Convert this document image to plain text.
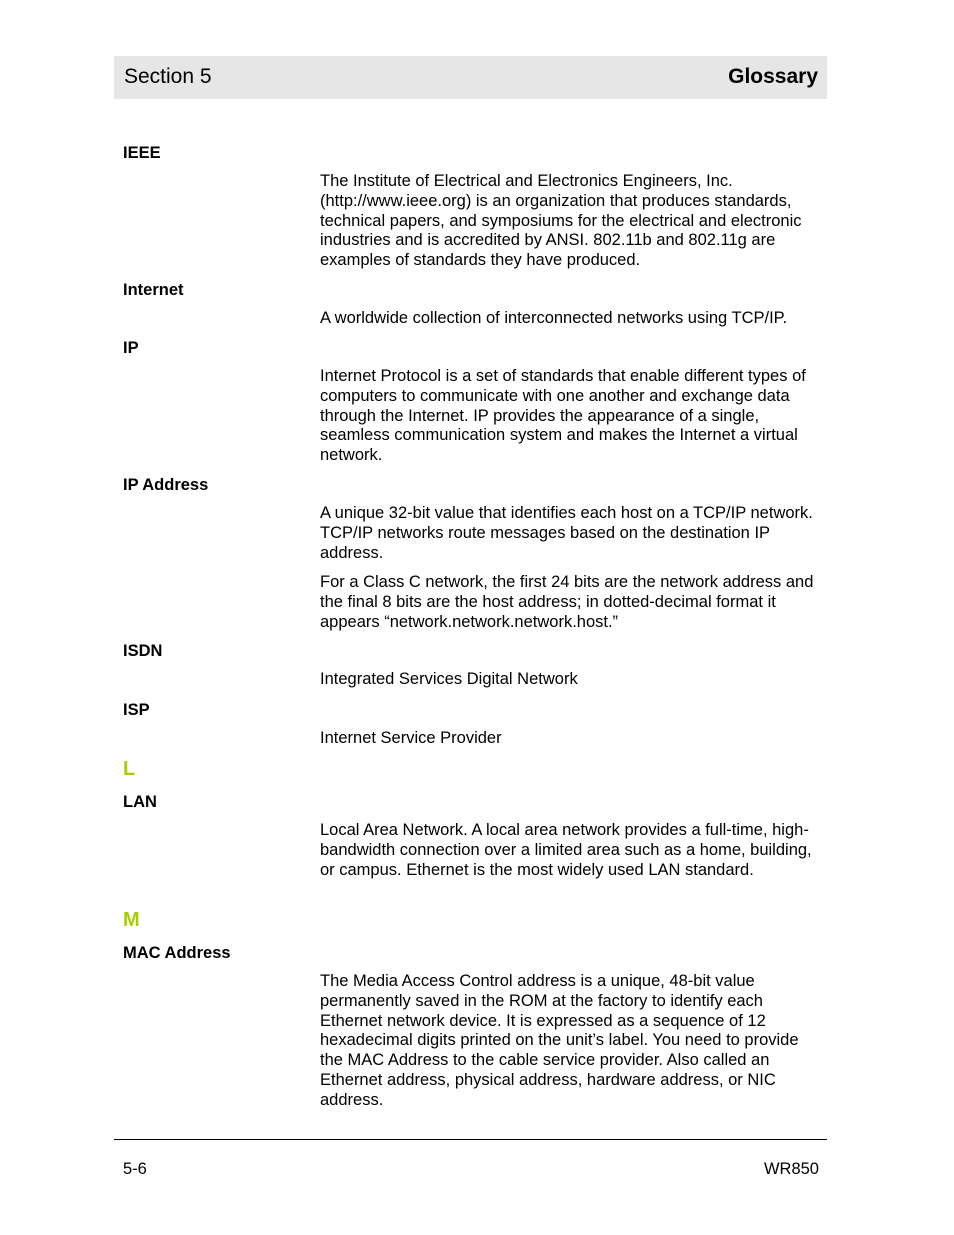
Section 5	Glossary
IEEE
The Institute of Electrical and Electronics Engineers, Inc. (http://www.ieee.org) is an organization that produces standards, technical papers, and symposiums for the electrical and electronic industries and is accredited by ANSI. 802.11b and 802.11g are examples of standards they have produced.
Internet
A worldwide collection of interconnected networks using TCP/IP.
IP
Internet Protocol is a set of standards that enable different types of computers to communicate with one another and exchange data through the Internet. IP provides the appearance of a single, seamless communication system and makes the Internet a virtual network.
IP Address
A unique 32-bit value that identifies each host on a TCP/IP network. TCP/IP networks route messages based on the destination IP address.
For a Class C network, the first 24 bits are the network address and the final 8 bits are the host address; in dotted-decimal format it appears “network.network.network.host.”
ISDN
Integrated Services Digital Network
ISP
Internet Service Provider
L
LAN
Local Area Network. A local area network provides a full-time, high-bandwidth connection over a limited area such as a home, building, or campus. Ethernet is the most widely used LAN standard.
M
MAC Address
The Media Access Control address is a unique, 48-bit value permanently saved in the ROM at the factory to identify each Ethernet network device. It is expressed as a sequence of 12 hexadecimal digits printed on the unit’s label. You need to provide the MAC Address to the cable service provider. Also called an Ethernet address, physical address, hardware address, or NIC address.
5-6	WR850
